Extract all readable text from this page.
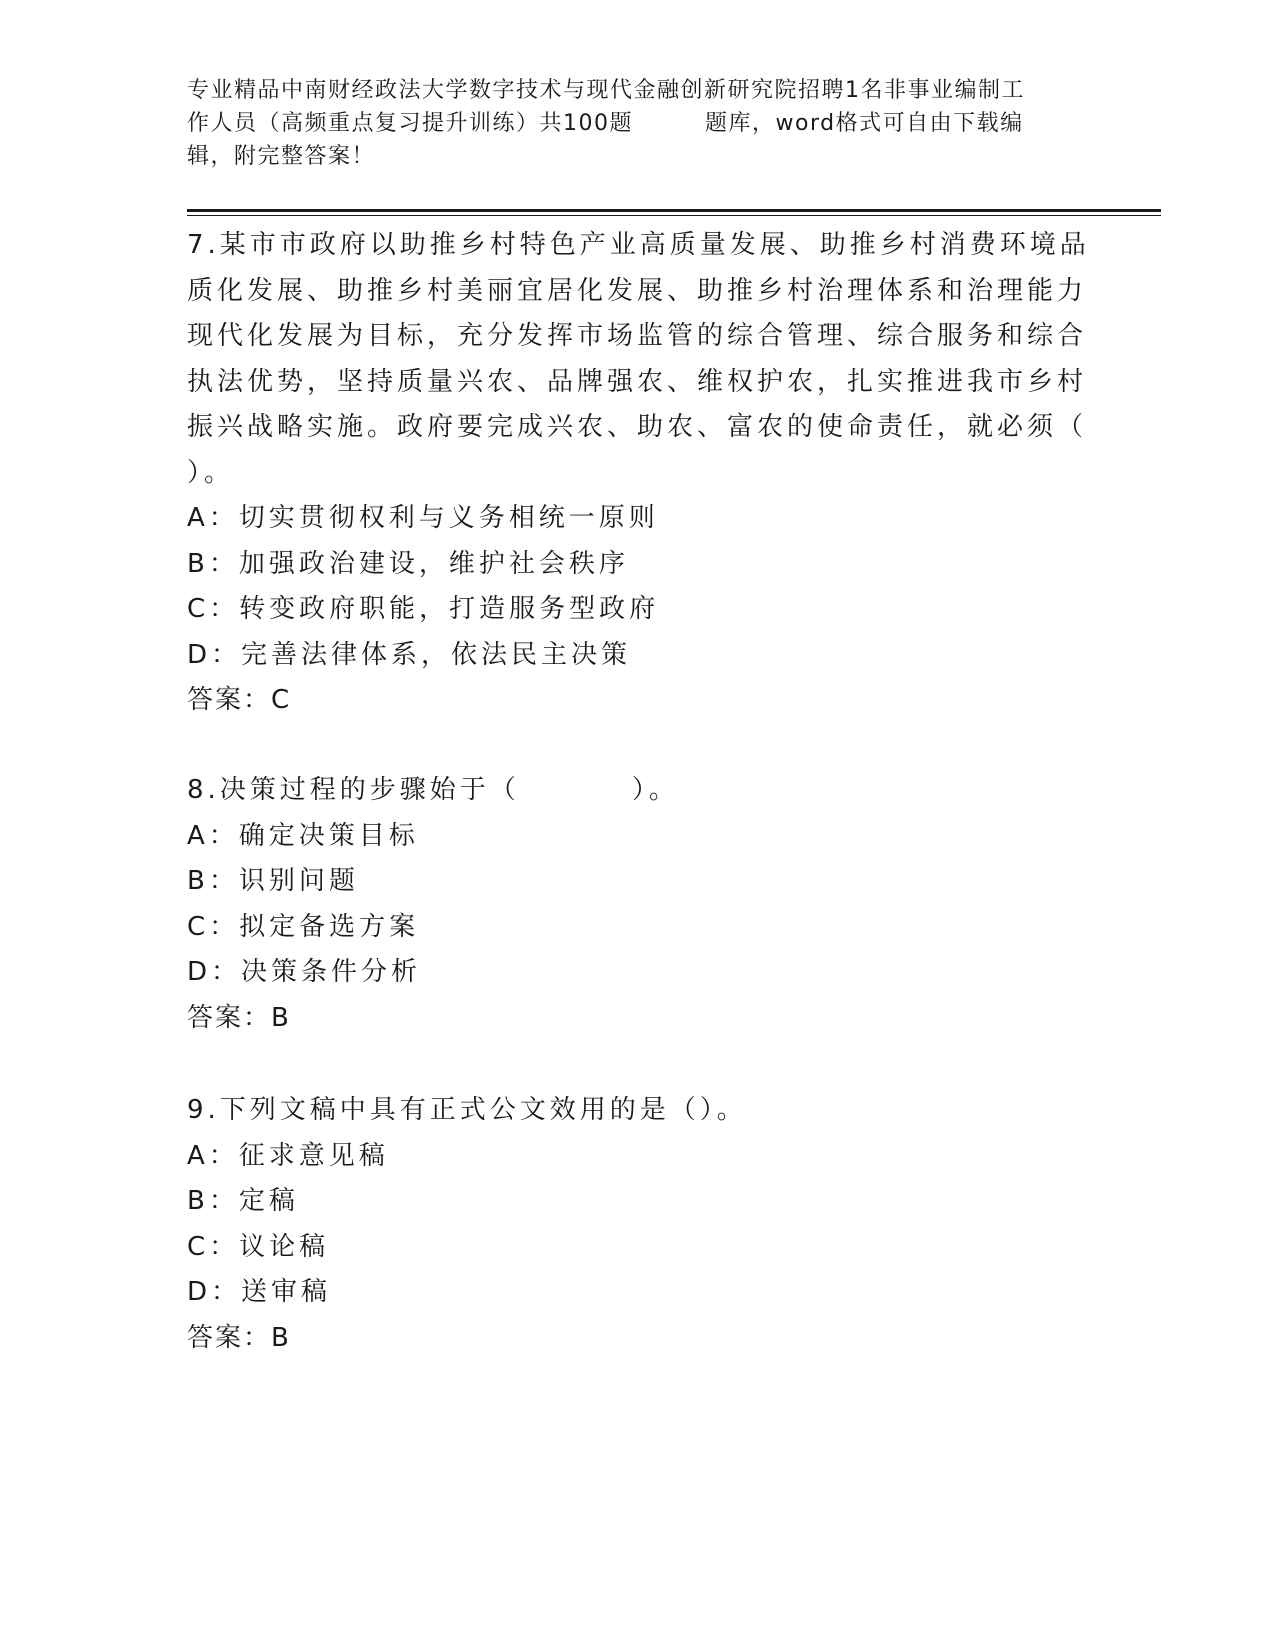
专业精品中南财经政法大学数字技术与现代金融创新研究院招聘1名非事业编制工
作人员（高频重点复习提升训练）共100题	题库，word格式可自由下载编
辑，附完整答案！
7.某市市政府以助推乡村特色产业高质量发展、助推乡村消费环境品
质化发展、助推乡村美丽宜居化发展、助推乡村治理体系和治理能力
现代化发展为目标，充分发挥市场监管的综合管理、综合服务和综合
执法优势，坚持质量兴农、品牌强农、维权护农，扎实推进我市乡村
振兴战略实施。政府要完成兴农、助农、富农的使命责任，就必须（
）。
A：切实贯彻权利与义务相统一原则
B：加强政治建设，维护社会秩序
C：转变政府职能，打造服务型政府
D：完善法律体系，依法民主决策
答案：C
8.决策过程的步骤始于（	）。
A：确定决策目标
B：识别问题
C：拟定备选方案
D：决策条件分析
答案：B
9.下列文稿中具有正式公文效用的是（）。
A：征求意见稿
B：定稿
C：议论稿
D：送审稿
答案：B
